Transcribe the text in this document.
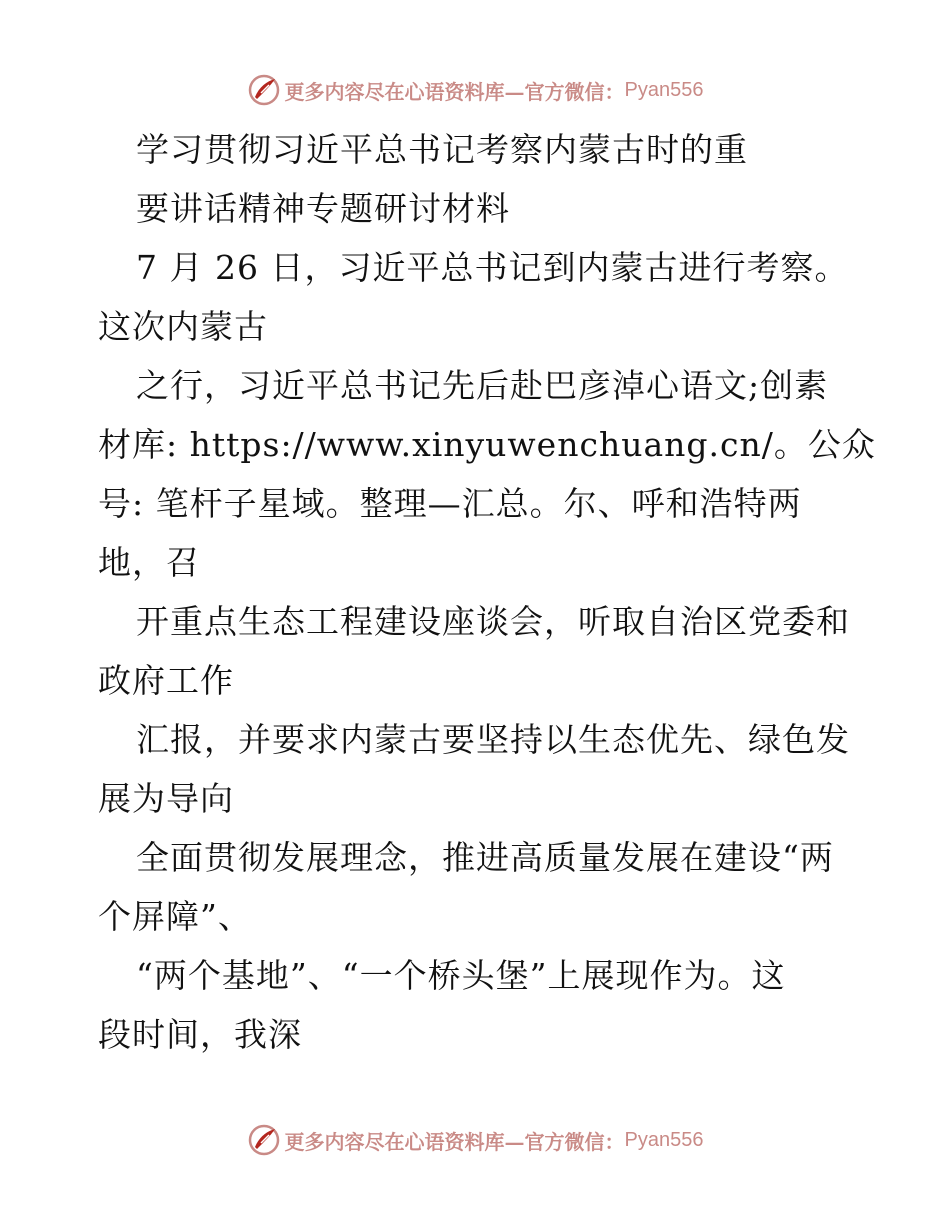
更多内容尽在心语资料库—官方微信： Pyan556
学习贯彻习近平总书记考察内蒙古时的重
要讲话精神专题研讨材料
7 月 26 日，习近平总书记到内蒙古进行考察。
这次内蒙古
之行，习近平总书记先后赴巴彦淖心语文;创素
材库: https://www.xinyuwenchuang.cn/。公众
号: 笔杆子星域。整理—汇总。尔、呼和浩特两
地，召
开重点生态工程建设座谈会，听取自治区党委和
政府工作
汇报，并要求内蒙古要坚持以生态优先、绿色发
展为导向
全面贯彻发展理念，推进高质量发展在建设“两
个屏障”、
“两个基地”、“一个桥头堡”上展现作为。这
段时间，我深
更多内容尽在心语资料库—官方微信： Pyan556
